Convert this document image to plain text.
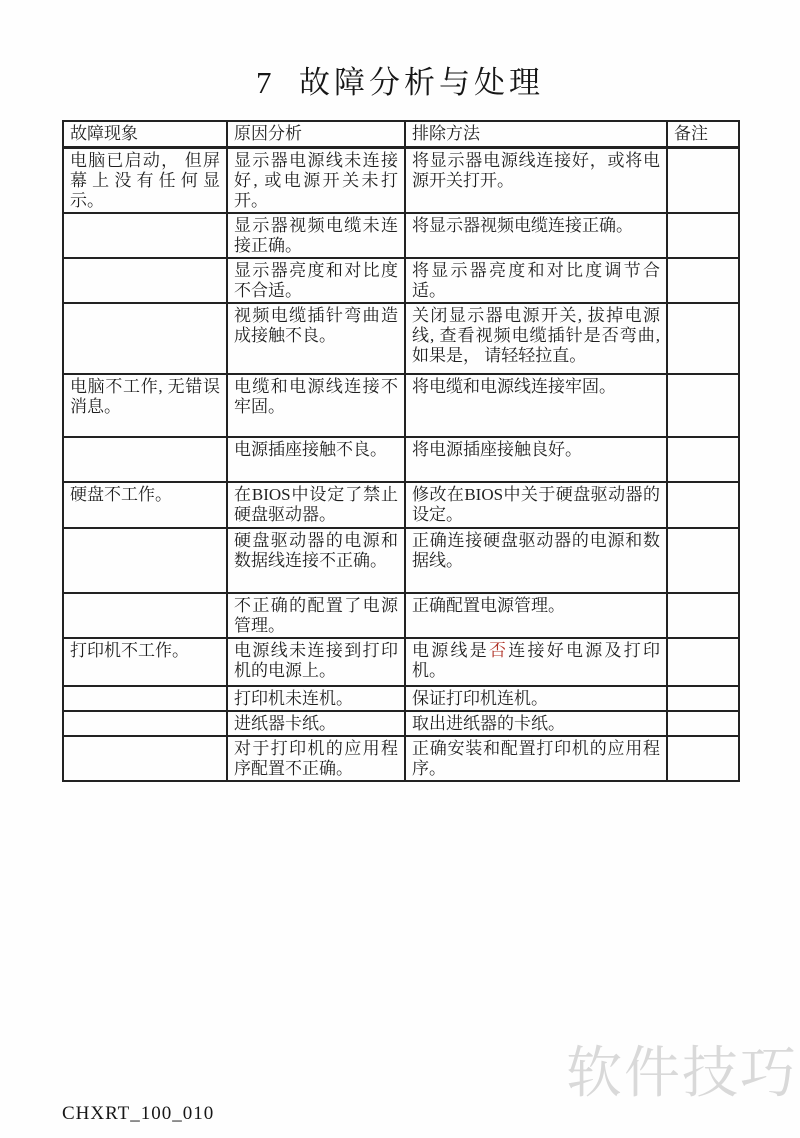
7  故障分析与处理
故障现象	原因分析	排除方法	备注
电脑已启动， 但屏幕上没有任何显示。	显示器电源线未连接好, 或电源开关未打开。	将显示器电源线连接好，或将电源开关打开。	
	显示器视频电缆未连接正确。	将显示器视频电缆连接正确。	
	显示器亮度和对比度不合适。	将显示器亮度和对比度调节合适。	
	视频电缆插针弯曲造成接触不良。	关闭显示器电源开关, 拔掉电源线, 查看视频电缆插针是否弯曲, 如果是， 请轻轻拉直。	
电脑不工作, 无错误消息。	电缆和电源线连接不牢固。	将电缆和电源线连接牢固。	
	电源插座接触不良。	将电源插座接触良好。	
硬盘不工作。	在BIOS中设定了禁止硬盘驱动器。	修改在BIOS中关于硬盘驱动器的设定。	
	硬盘驱动器的电源和数据线连接不正确。	正确连接硬盘驱动器的电源和数据线。	
	不正确的配置了电源管理。	正确配置电源管理。	
打印机不工作。	电源线未连接到打印机的电源上。	电源线是否连接好电源及打印机。	
	打印机未连机。	保证打印机连机。	
	进纸器卡纸。	取出进纸器的卡纸。	
	对于打印机的应用程序配置不正确。	正确安装和配置打印机的应用程序。	
软件技巧
CHXRT_100_010
